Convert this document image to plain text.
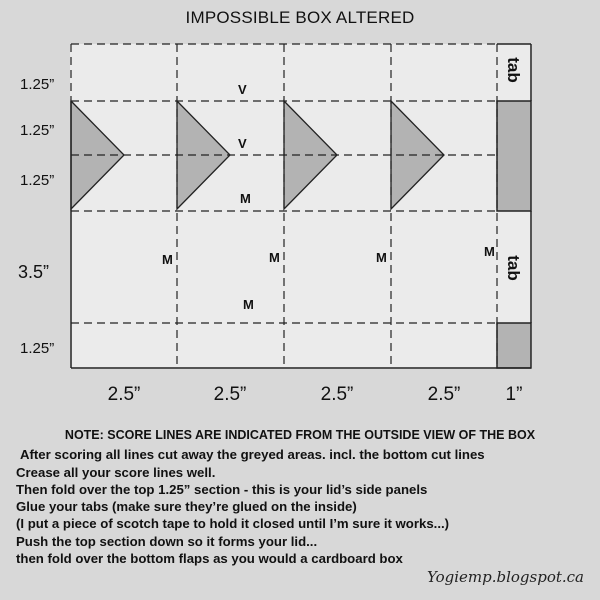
IMPOSSIBLE BOX ALTERED
1.25”
1.25”
1.25”
3.5”
1.25”
2.5”	2.5”	2.5”	2.5”	1”
V
V
M
M	M	M	M
M
tab
tab
NOTE: SCORE LINES ARE INDICATED FROM THE OUTSIDE VIEW OF THE BOX
After scoring all lines cut away the greyed areas. incl. the bottom cut lines
Crease all your score lines well.
Then fold over the top 1.25” section - this is your lid’s side panels
Glue your tabs (make sure they’re glued on the inside)
(I put a piece of scotch tape to hold it closed until I’m sure it works...)
Push the top section down so it forms your lid...
then fold over the bottom flaps as you would a cardboard box
Yogiemp.blogspot.ca
